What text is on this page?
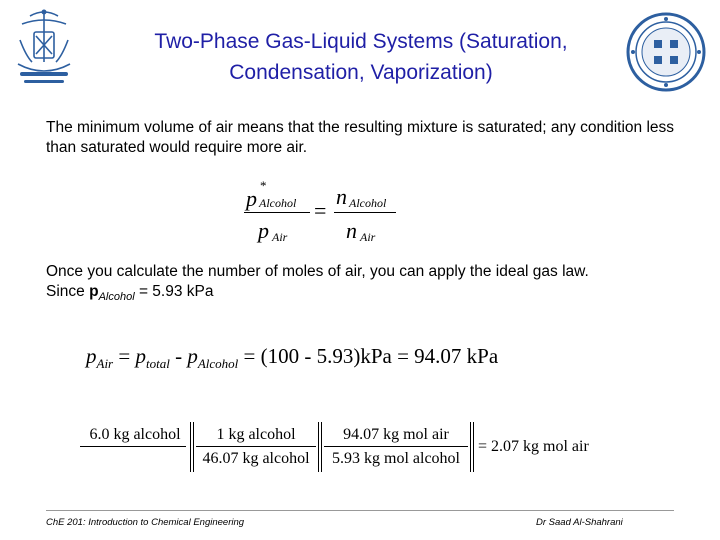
Two-Phase Gas-Liquid Systems (Saturation,
Condensation, Vaporization)
The minimum volume of air means that the resulting mixture is saturated; any condition less than saturated would require more air.
p
*
Alcohol
p Air
=
n Alcohol
n Air
Once you calculate the number of moles of air, you can apply the ideal gas law.
Since $p_{Alcohol} = 5.93$ kPa
$p_{Air} = p_{total} - p_{Alcohol} = (100 - 5.93)kPa = 94.07$ kPa
6.0 kg alcohol	1 kg alcohol
46.07 kg alcohol
94.07 kg mol air
5.93 kg mol alcohol
= 2.07 kg mol air
ChE 201: Introduction to Chemical Engineering	Dr Saad Al-Shahrani
